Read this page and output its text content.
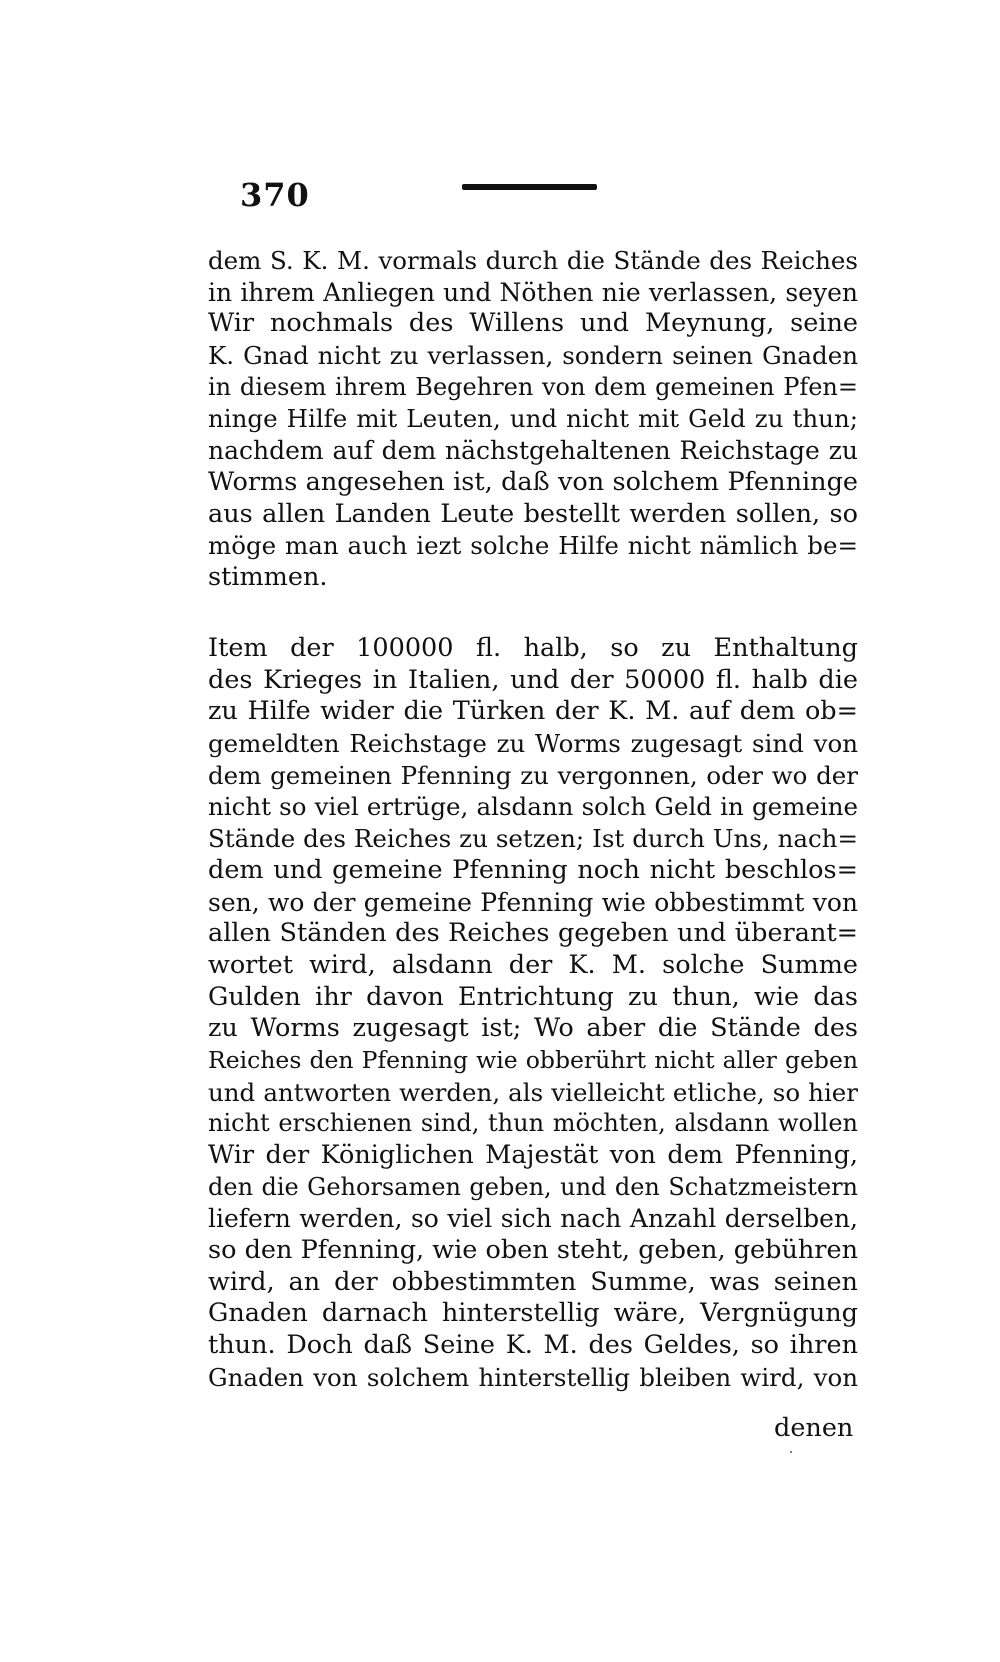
370
dem S. K. M. vormals durch die Stände des Reiches
in ihrem Anliegen und Nöthen nie verlassen, seyen
Wir nochmals des Willens und Meynung, seine
K. Gnad nicht zu verlassen, sondern seinen Gnaden
in diesem ihrem Begehren von dem gemeinen Pfen=
ninge Hilfe mit Leuten, und nicht mit Geld zu thun;
nachdem auf dem nächstgehaltenen Reichstage zu
Worms angesehen ist, daß von solchem Pfenninge
aus allen Landen Leute bestellt werden sollen, so
möge man auch iezt solche Hilfe nicht nämlich be=
stimmen.
Item der 100000 fl. halb, so zu Enthaltung
des Krieges in Italien, und der 50000 fl. halb die
zu Hilfe wider die Türken der K. M. auf dem ob=
gemeldten Reichstage zu Worms zugesagt sind von
dem gemeinen Pfenning zu vergonnen, oder wo der
nicht so viel ertrüge, alsdann solch Geld in gemeine
Stände des Reiches zu setzen; Ist durch Uns, nach=
dem und gemeine Pfenning noch nicht beschlos=
sen, wo der gemeine Pfenning wie obbestimmt von
allen Ständen des Reiches gegeben und überant=
wortet wird, alsdann der K. M. solche Summe
Gulden ihr davon Entrichtung zu thun, wie das
zu Worms zugesagt ist; Wo aber die Stände des
Reiches den Pfenning wie obberührt nicht aller geben
und antworten werden, als vielleicht etliche, so hier
nicht erschienen sind, thun möchten, alsdann wollen
Wir der Königlichen Majestät von dem Pfenning,
den die Gehorsamen geben, und den Schatzmeistern
liefern werden, so viel sich nach Anzahl derselben,
so den Pfenning, wie oben steht, geben, gebühren
wird, an der obbestimmten Summe, was seinen
Gnaden darnach hinterstellig wäre, Vergnügung
thun. Doch daß Seine K. M. des Geldes, so ihren
Gnaden von solchem hinterstellig bleiben wird, von
denen
